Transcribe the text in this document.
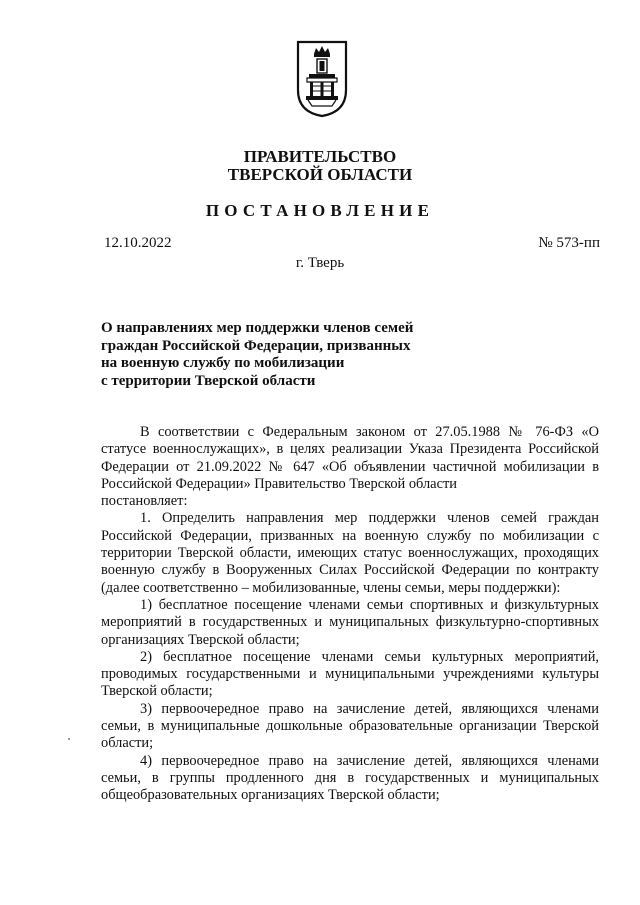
ПРАВИТЕЛЬСТВО
ТВЕРСКОЙ ОБЛАСТИ
ПОСТАНОВЛЕНИЕ
12.10.2022	№ 573-пп
г. Тверь
О направлениях мер поддержки членов семей
граждан Российской Федерации, призванных
на военную службу по мобилизации
с территории Тверской области

В соответствии с Федеральным законом от 27.05.1988 № 76-ФЗ «О статусе военнослужащих», в целях реализации Указа Президента Российской Федерации от 21.09.2022 № 647 «Об объявлении частичной мобилизации в Российской Федерации» Правительство Тверской области

постановляет:

1. Определить направления мер поддержки членов семей граждан Российской Федерации, призванных на военную службу по мобилизации с территории Тверской области, имеющих статус военнослужащих, проходящих военную службу в Вооруженных Силах Российской Федерации по контракту (далее соответственно – мобилизованные, члены семьи, меры поддержки):

1) бесплатное посещение членами семьи спортивных и физкультурных мероприятий в государственных и муниципальных физкультурно-спортивных организациях Тверской области;

2) бесплатное посещение членами семьи культурных мероприятий, проводимых государственными и муниципальными учреждениями культуры Тверской области;

3) первоочередное право на зачисление детей, являющихся членами семьи, в муниципальные дошкольные образовательные организации Тверской области;

4) первоочередное право на зачисление детей, являющихся членами семьи, в группы продленного дня в государственных и муниципальных общеобразовательных организациях Тверской области;
